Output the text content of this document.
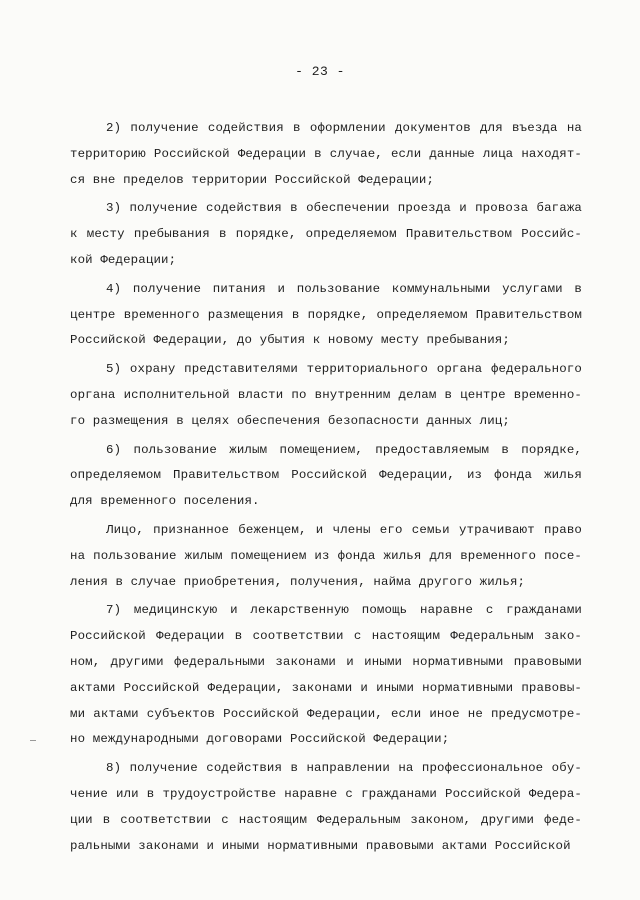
- 23 -
2) получение содействия в оформлении документов для въезда на
территорию Российской Федерации в случае, если данные лица находят-
ся вне пределов территории Российской Федерации;
3) получение содействия в обеспечении проезда и провоза багажа
к месту пребывания в порядке, определяемом Правительством Российс-
кой Федерации;
4) получение питания и пользование коммунальными услугами в
центре временного размещения в порядке, определяемом Правительством
Российской Федерации, до убытия к новому месту пребывания;
5) охрану представителями территориального органа федерального
органа исполнительной власти по внутренним делам в центре временно-
го размещения в целях обеспечения безопасности данных лиц;
6) пользование жилым помещением, предоставляемым в порядке,
определяемом Правительством Российской Федерации, из фонда жилья
для временного поселения.
Лицо, признанное беженцем, и члены его семьи утрачивают право
на пользование жилым помещением из фонда жилья для временного посе-
ления в случае приобретения, получения, найма другого жилья;
7) медицинскую и лекарственную помощь наравне с гражданами
Российской Федерации в соответствии с настоящим Федеральным зако-
ном, другими федеральными законами и иными нормативными правовыми
актами Российской Федерации, законами и иными нормативными правовы-
ми актами субъектов Российской Федерации, если иное не предусмотре-
но международными договорами Российской Федерации;
8) получение содействия в направлении на профессиональное обу-
чение или в трудоустройстве наравне с гражданами Российской Федера-
ции в соответствии с настоящим Федеральным законом, другими феде-
ральными законами и иными нормативными правовыми актами Российской
